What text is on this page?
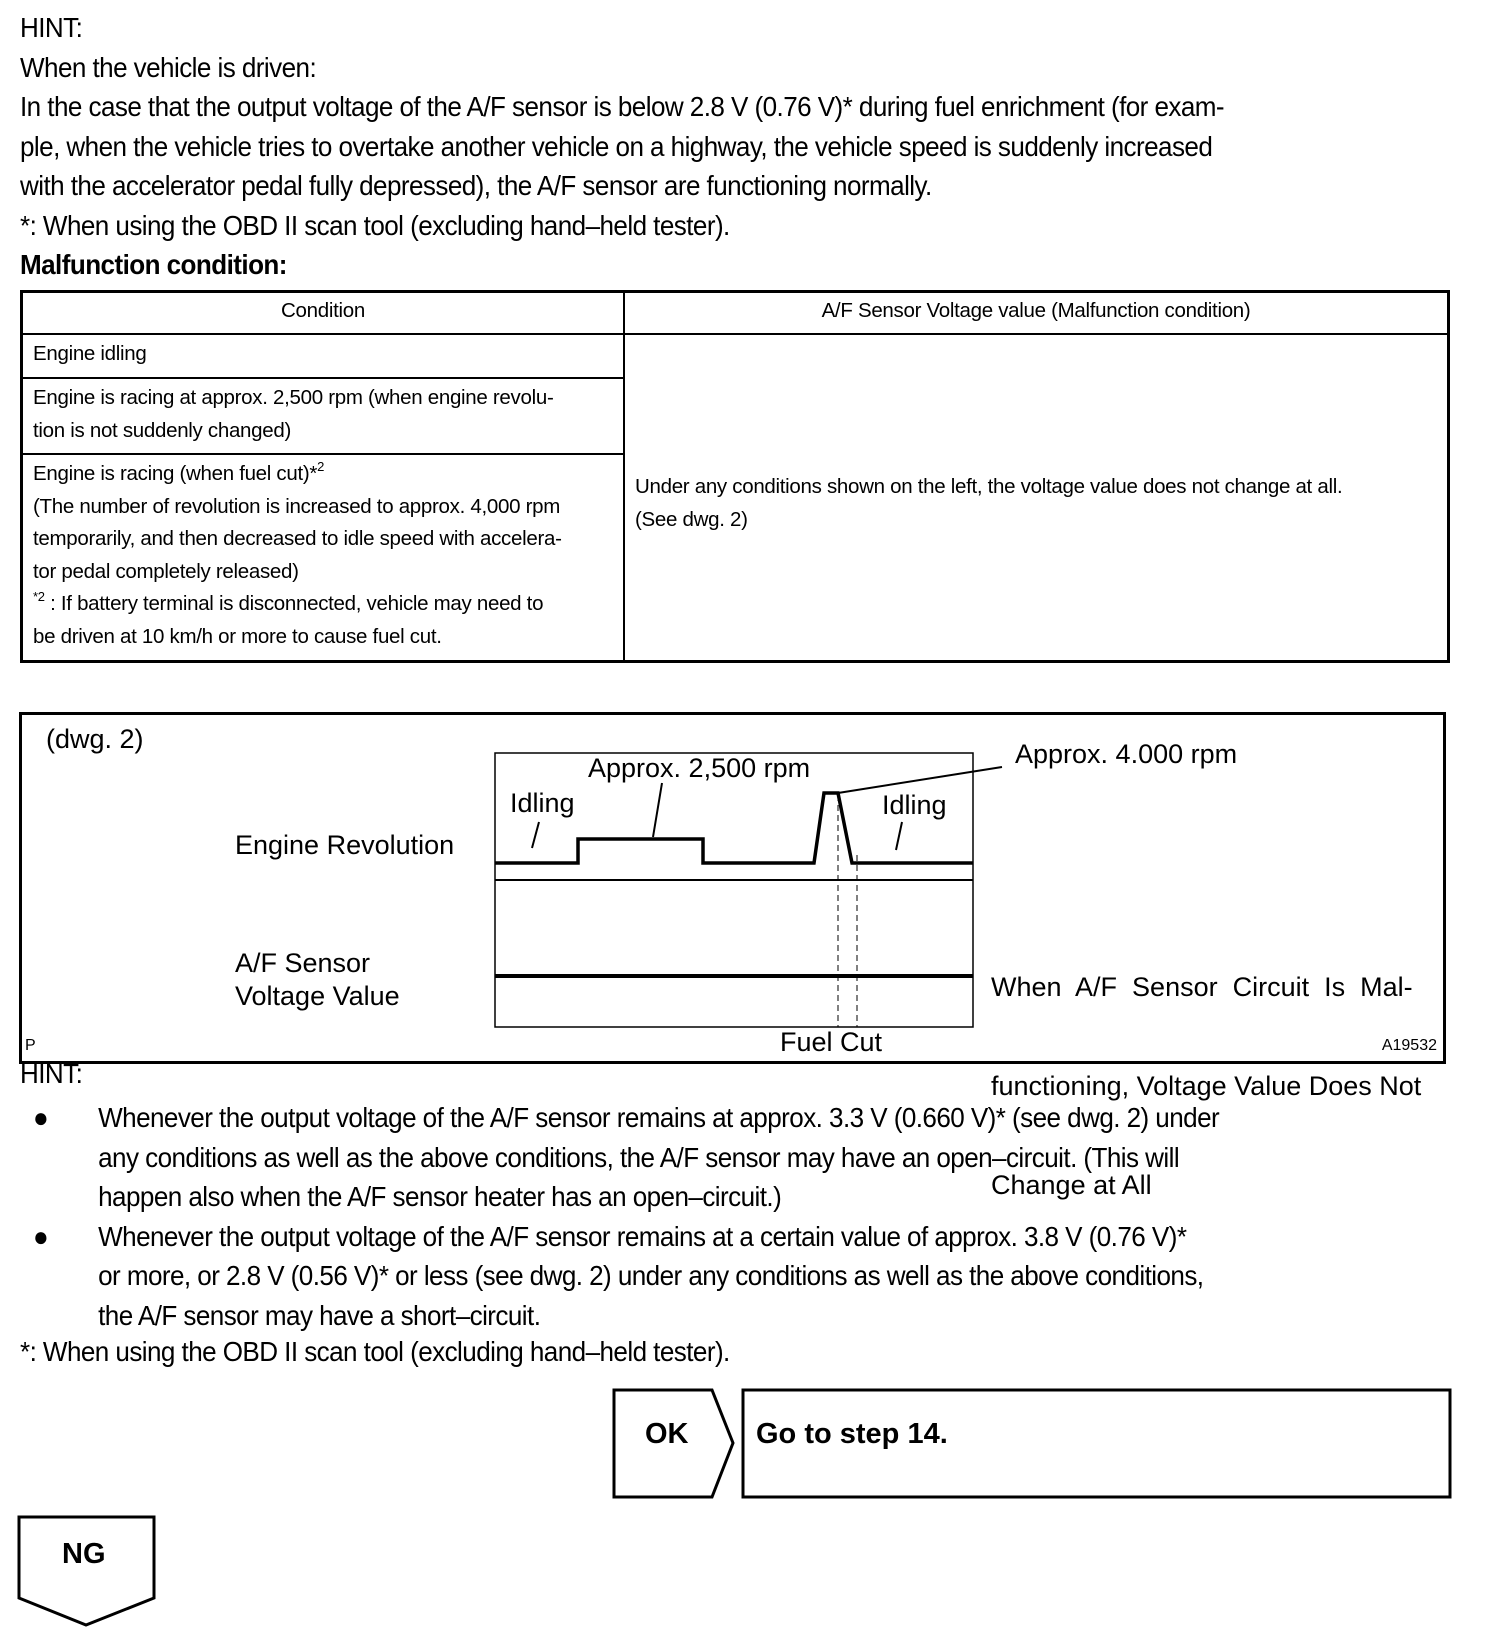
HINT:

When the vehicle is driven:

In the case that the output voltage of the A/F sensor is below 2.8 V (0.76 V)* during fuel enrichment (for exam-

ple, when the vehicle tries to overtake another vehicle on a highway, the vehicle speed is suddenly increased

with the accelerator pedal fully depressed), the A/F sensor are functioning normally.

*: When using the OBD II scan tool (excluding hand–held tester).

Malfunction condition:

Condition	A/F Sensor Voltage value (Malfunction condition)
Engine idling
Engine is racing at approx. 2,500 rpm (when engine revolu-
tion is not suddenly changed)
Engine is racing (when fuel cut)*$^2$
(The number of revolution is increased to approx. 4,000 rpm
temporarily, and then decreased to idle speed with accelera-
tor pedal completely released)
$^{*2}$ : If battery terminal is disconnected, vehicle may need to
be driven at 10 km/h or more to cause fuel cut.
Under any conditions shown on the left, the voltage value does not change at all.
(See dwg. 2)
(dwg. 2)
Engine Revolution
A/F Sensor
Voltage Value
Idling
Approx. 2,500 rpm
Idling
Approx. 4.000 rpm
Fuel Cut

When  A/F  Sensor  Circuit  Is  Mal-

functioning, Voltage Value Does Not

Change at All

P	A19532
HINT:
● Whenever the output voltage of the A/F sensor remains at approx. 3.3 V (0.660 V)* (see dwg. 2) under
any conditions as well as the above conditions, the A/F sensor may have an open–circuit. (This will
happen also when the A/F sensor heater has an open–circuit.)
● Whenever the output voltage of the A/F sensor remains at a certain value of approx. 3.8 V (0.76 V)*
or more, or 2.8 V (0.56 V)* or less (see dwg. 2) under any conditions as well as the above conditions,
the A/F sensor may have a short–circuit.
*: When using the OBD II scan tool (excluding hand–held tester).
OK Go to step 14.
NG
